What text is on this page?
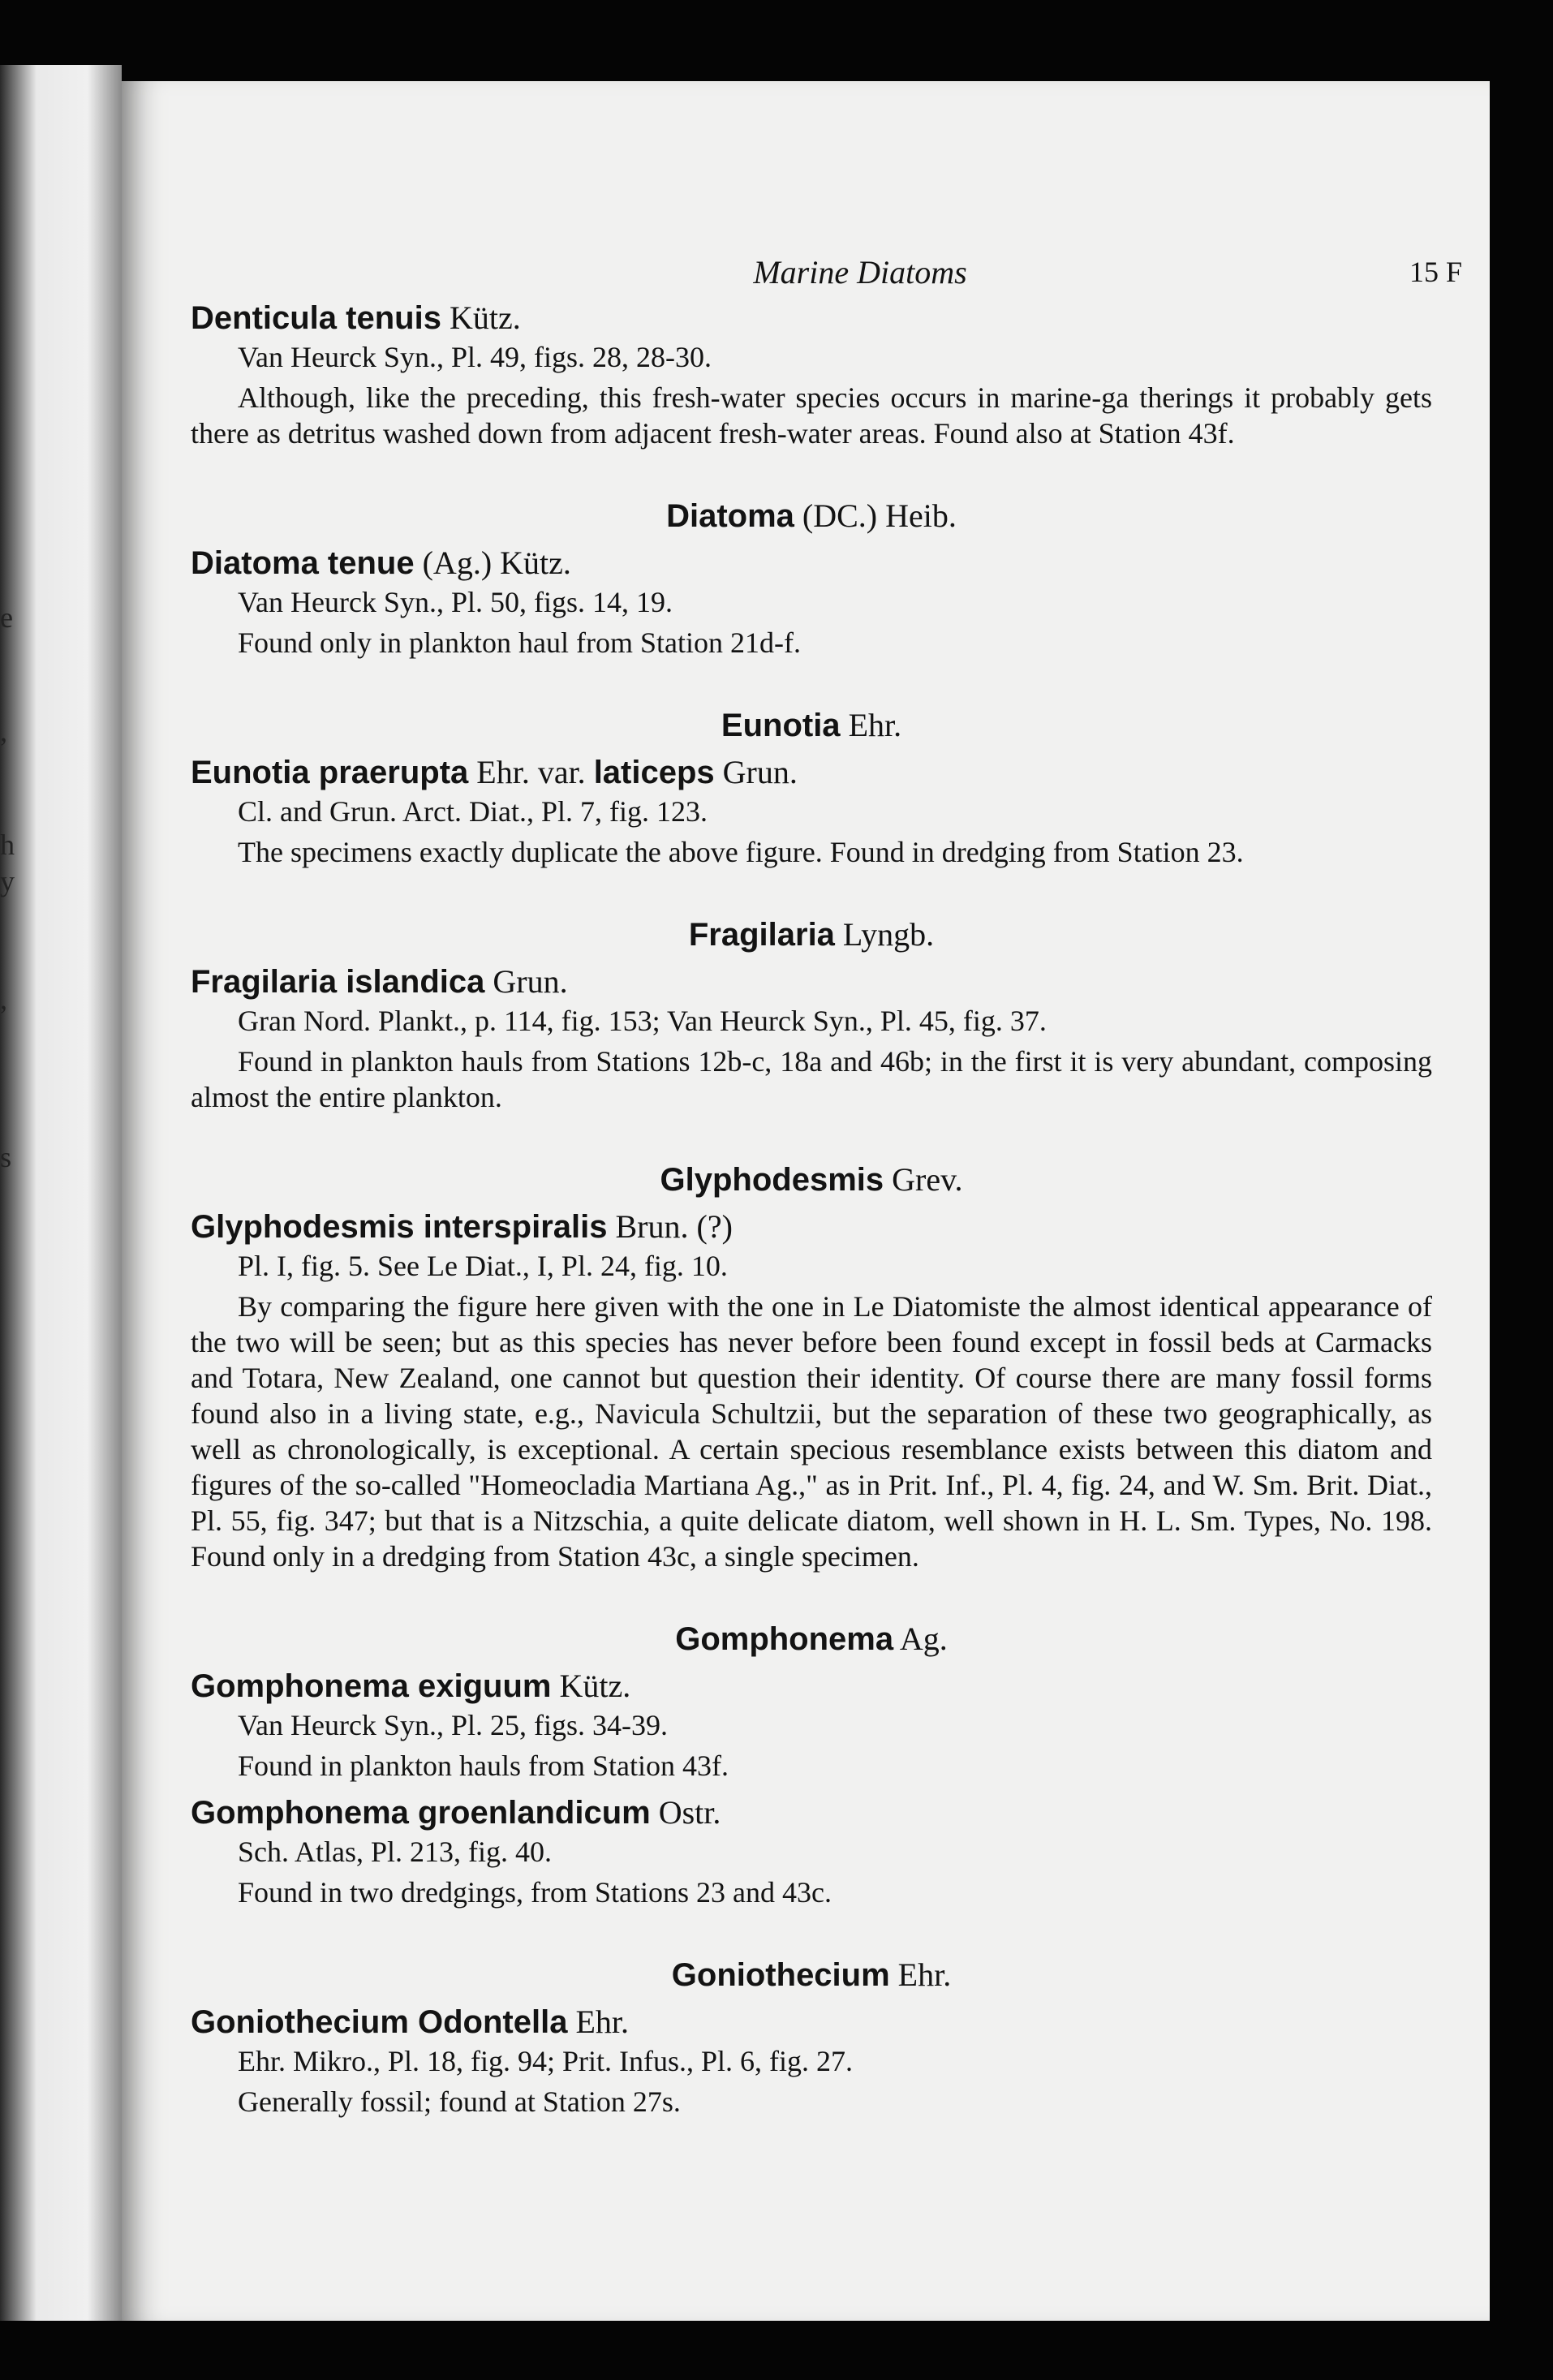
e
,
h
y
,
s
Marine Diatoms	15 F
Denticula tenuis Kütz.
Van Heurck Syn., Pl. 49, figs. 28, 28-30.
Although, like the preceding, this fresh-water species occurs in marine-ga therings it probably gets there as detritus washed down from adjacent fresh-water areas. Found also at Station 43f.
Diatoma (DC.) Heib.
Diatoma tenue (Ag.) Kütz.
Van Heurck Syn., Pl. 50, figs. 14, 19.
Found only in plankton haul from Station 21d-f.
Eunotia Ehr.
Eunotia praerupta Ehr. var. laticeps Grun.
Cl. and Grun. Arct. Diat., Pl. 7, fig. 123.
The specimens exactly duplicate the above figure. Found in dredging from Station 23.
Fragilaria Lyngb.
Fragilaria islandica Grun.
Gran Nord. Plankt., p. 114, fig. 153; Van Heurck Syn., Pl. 45, fig. 37.
Found in plankton hauls from Stations 12b-c, 18a and 46b; in the first it is very abundant, composing almost the entire plankton.
Glyphodesmis Grev.
Glyphodesmis interspiralis Brun. (?)
Pl. I, fig. 5. See Le Diat., I, Pl. 24, fig. 10.
By comparing the figure here given with the one in Le Diatomiste the almost identical appearance of the two will be seen; but as this species has never before been found except in fossil beds at Carmacks and Totara, New Zealand, one cannot but question their identity. Of course there are many fossil forms found also in a living state, e.g., Navicula Schultzii, but the separation of these two geographically, as well as chronologically, is exceptional. A certain specious resemblance exists between this diatom and figures of the so-called "Homeocladia Martiana Ag.," as in Prit. Inf., Pl. 4, fig. 24, and W. Sm. Brit. Diat., Pl. 55, fig. 347; but that is a Nitzschia, a quite delicate diatom, well shown in H. L. Sm. Types, No. 198. Found only in a dredging from Station 43c, a single specimen.
Gomphonema Ag.
Gomphonema exiguum Kütz.
Van Heurck Syn., Pl. 25, figs. 34-39.
Found in plankton hauls from Station 43f.
Gomphonema groenlandicum Ostr.
Sch. Atlas, Pl. 213, fig. 40.
Found in two dredgings, from Stations 23 and 43c.
Goniothecium Ehr.
Goniothecium Odontella Ehr.
Ehr. Mikro., Pl. 18, fig. 94; Prit. Infus., Pl. 6, fig. 27.
Generally fossil; found at Station 27s.
